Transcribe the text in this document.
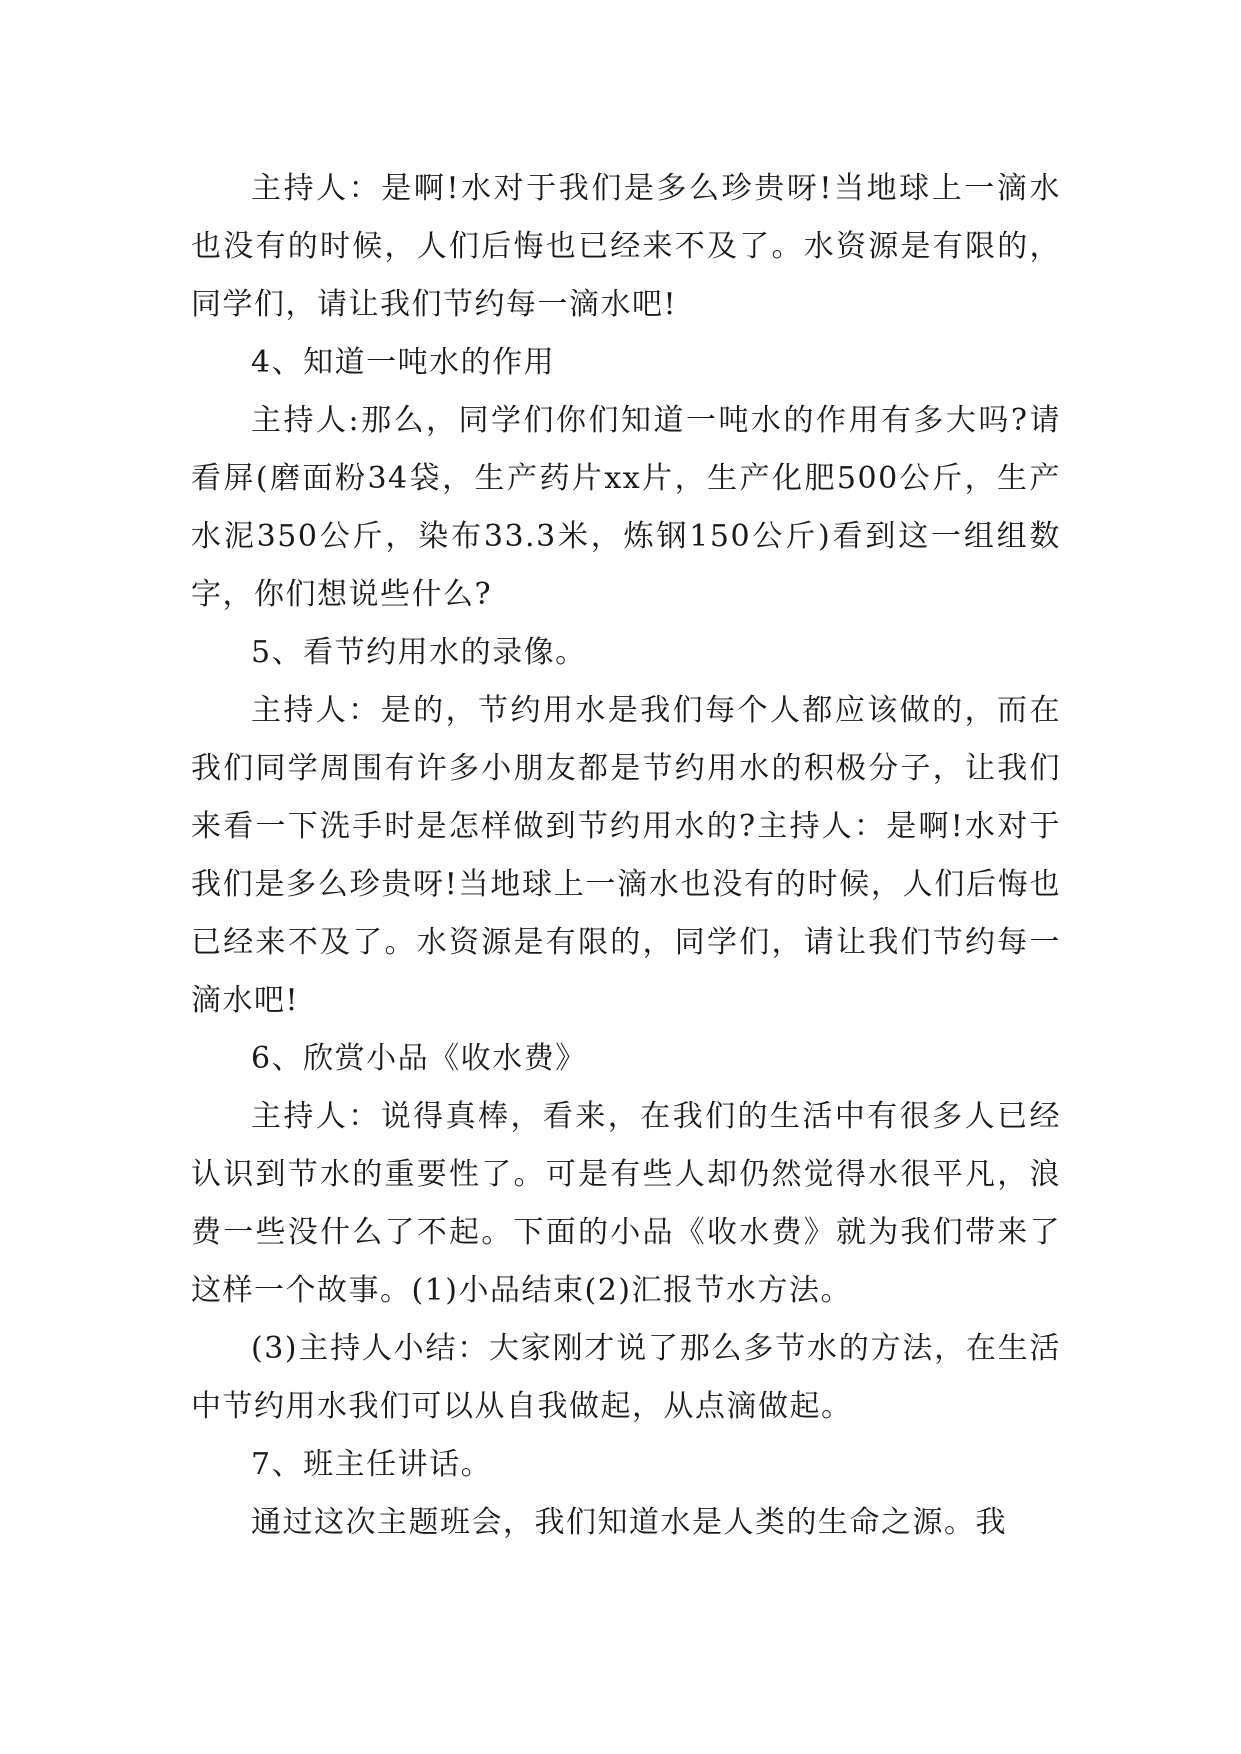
主持人：是啊!水对于我们是多么珍贵呀!当地球上一滴水也没有的时候，人们后悔也已经来不及了。水资源是有限的，同学们，请让我们节约每一滴水吧!

4、知道一吨水的作用

主持人:那么，同学们你们知道一吨水的作用有多大吗?请看屏(磨面粉34袋，生产药片xx片，生产化肥500公斤，生产水泥350公斤，染布33.3米，炼钢150公斤)看到这一组组数字，你们想说些什么?

5、看节约用水的录像。

主持人：是的，节约用水是我们每个人都应该做的，而在我们同学周围有许多小朋友都是节约用水的积极分子，让我们来看一下洗手时是怎样做到节约用水的?主持人：是啊!水对于我们是多么珍贵呀!当地球上一滴水也没有的时候，人们后悔也已经来不及了。水资源是有限的，同学们，请让我们节约每一滴水吧!

6、欣赏小品《收水费》

主持人：说得真棒，看来，在我们的生活中有很多人已经认识到节水的重要性了。可是有些人却仍然觉得水很平凡，浪费一些没什么了不起。下面的小品《收水费》就为我们带来了这样一个故事。(1)小品结束(2)汇报节水方法。

(3)主持人小结：大家刚才说了那么多节水的方法，在生活中节约用水我们可以从自我做起，从点滴做起。

7、班主任讲话。

通过这次主题班会，我们知道水是人类的生命之源。我
